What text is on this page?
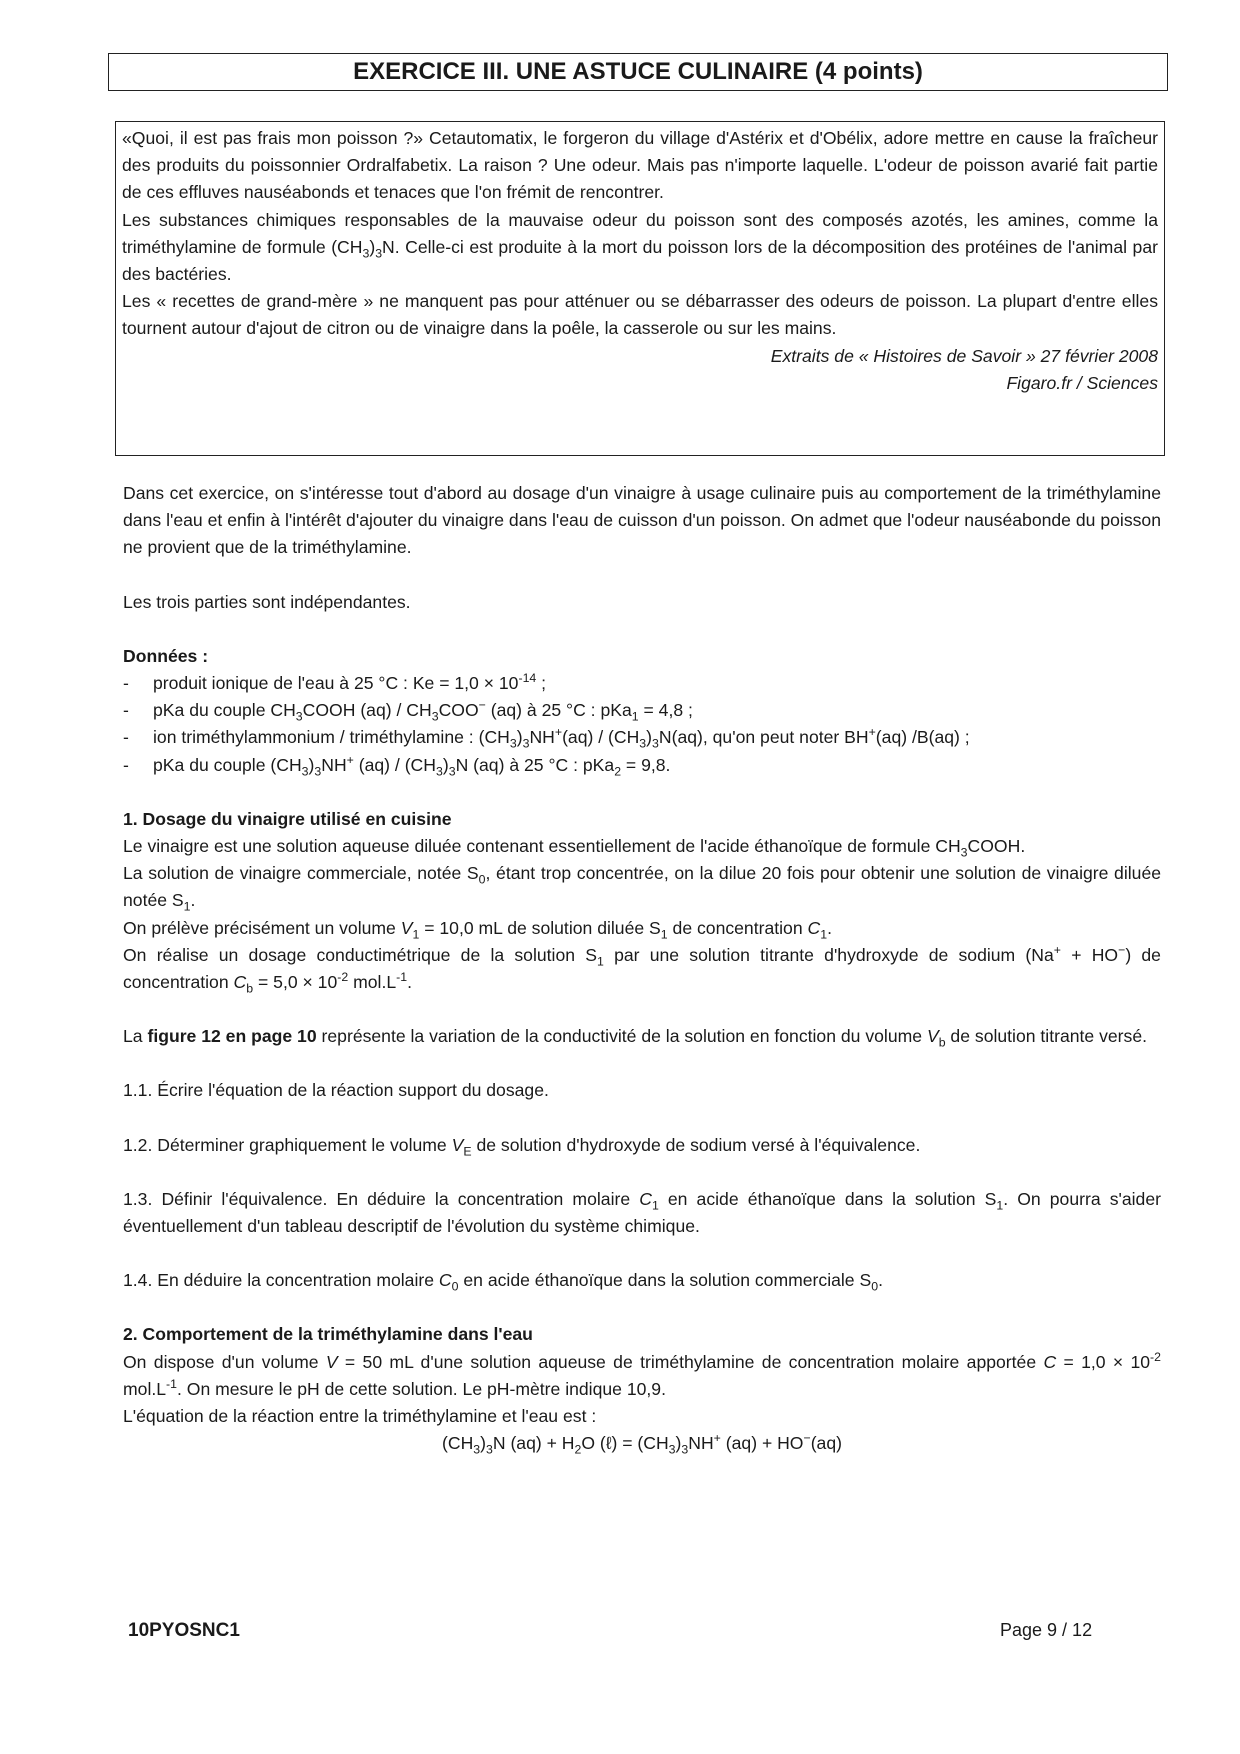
EXERCICE III. UNE ASTUCE CULINAIRE (4 points)

«Quoi, il est pas frais mon poisson ?» Cetautomatix, le forgeron du village d'Astérix et d'Obélix, adore mettre en cause la fraîcheur des produits du poissonnier Ordralfabetix. La raison ? Une odeur. Mais pas n'importe laquelle. L'odeur de poisson avarié fait partie de ces effluves nauséabonds et tenaces que l'on frémit de rencontrer.

Les substances chimiques responsables de la mauvaise odeur du poisson sont des composés azotés, les amines, comme la triméthylamine de formule $(CH_3)_3N$. Celle-ci est produite à la mort du poisson lors de la décomposition des protéines de l'animal par des bactéries.

Les « recettes de grand-mère » ne manquent pas pour atténuer ou se débarrasser des odeurs de poisson. La plupart d'entre elles tournent autour d'ajout de citron ou de vinaigre dans la poêle, la casserole ou sur les mains.

Extraits de « Histoires de Savoir » 27 février 2008

Figaro.fr / Sciences

Dans cet exercice, on s'intéresse tout d'abord au dosage d'un vinaigre à usage culinaire puis au comportement de la triméthylamine dans l'eau et enfin à l'intérêt d'ajouter du vinaigre dans l'eau de cuisson d'un poisson. On admet que l'odeur nauséabonde du poisson ne provient que de la triméthylamine.

Les trois parties sont indépendantes.

Données :

- produit ionique de l'eau à 25 °C : $Ke = 1,0 \times 10^{-14}$ ;
- pKa du couple $CH_3COOH$ $(aq) / CH_3COO^-$ (aq) à 25 °C : pKa$_1$ = 4,8 ;
- ion triméthylammonium / triméthylamine : $(CH_3)_3NH^+(aq) / (CH_3)_3N(aq)$, qu'on peut noter BH+(aq) /B(aq) ;
- pKa du couple $(CH_3)_3NH^+$ $(aq) / (CH_3)_3N$ (aq) à 25 °C : pKa$_2$ = 9,8.

1. Dosage du vinaigre utilisé en cuisine

Le vinaigre est une solution aqueuse diluée contenant essentiellement de l'acide éthanoïque de formule $CH_3COOH$.

La solution de vinaigre commerciale, notée $S_0$, étant trop concentrée, on la dilue 20 fois pour obtenir une solution de vinaigre diluée notée $S_1$.

On prélève précisément un volume $V_1 = 10,0$ mL de solution diluée $S_1$ de concentration $C_1$.

On réalise un dosage conductimétrique de la solution $S_1$ par une solution titrante d'hydroxyde de sodium (Na+ + HO−) de concentration $C_b = 5,0 \times 10^{-2}$ $mol.L^{-1}$.

La figure 12 en page 10 représente la variation de la conductivité de la solution en fonction du volume $V_b$ de solution titrante versé.

1.1. Écrire l'équation de la réaction support du dosage.

1.2. Déterminer graphiquement le volume $V_E$ de solution d'hydroxyde de sodium versé à l'équivalence.

1.3. Définir l'équivalence. En déduire la concentration molaire $C_1$ en acide éthanoïque dans la solution $S_1$. On pourra s'aider éventuellement d'un tableau descriptif de l'évolution du système chimique.

1.4. En déduire la concentration molaire $C_0$ en acide éthanoïque dans la solution commerciale $S_0$.

2. Comportement de la triméthylamine dans l'eau

On dispose d'un volume V = 50 mL d'une solution aqueuse de triméthylamine de concentration molaire apportée $C = 1,0 \times 10^{-2}$ $mol.L^{-1}$. On mesure le pH de cette solution. Le pH-mètre indique 10,9.

L'équation de la réaction entre la triméthylamine et l'eau est :

$(CH_3)_3N$ $(aq) + H_2O$ (ℓ) = $(CH_3)_3NH^+$ (aq) + HO−(aq)

10PYOSNC1	Page 9 / 12
